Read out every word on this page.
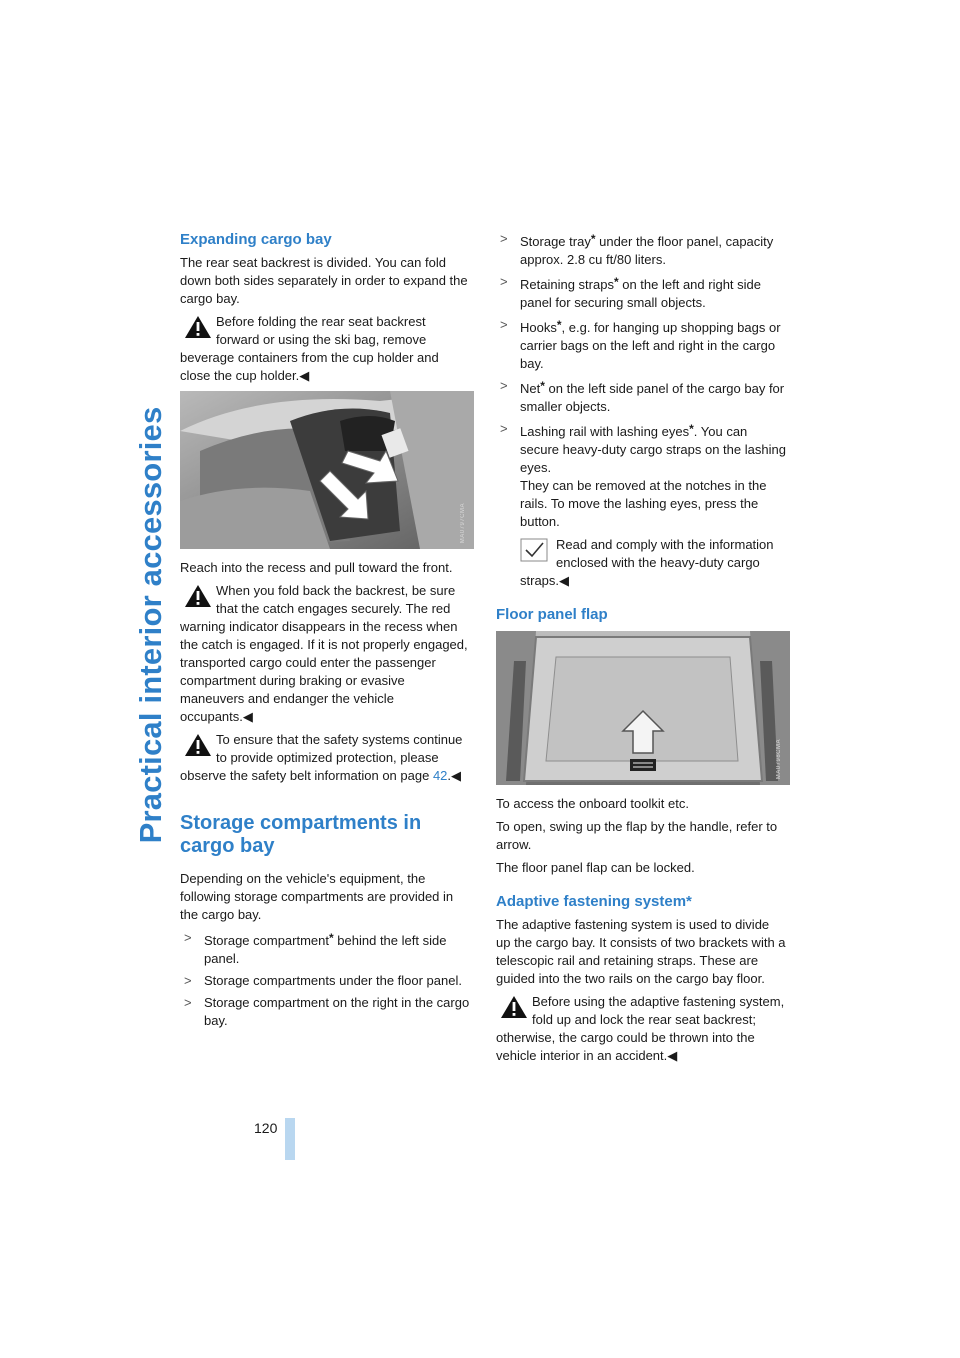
Practical interior accessories
120
Expanding cargo bay

The rear seat backrest is divided. You can fold down both sides separately in order to expand the cargo bay.

Before folding the rear seat backrest forward or using the ski bag, remove beverage containers from the cup holder and close the cup holder.◀
MA0797CMA

Reach into the recess and pull toward the front.

When you fold back the backrest, be sure that the catch engages securely. The red warning indicator disappears in the recess when the catch is engaged. If it is not properly engaged, transported cargo could enter the passenger compartment during braking or evasive maneuvers and endanger the vehicle occupants.◀
To ensure that the safety systems continue to provide optimized protection, please observe the safety belt information on page 42.◀
Storage compartments in cargo bay

Depending on the vehicle's equipment, the following storage compartments are provided in the cargo bay.

> Storage compartment* behind the left side panel.
> Storage compartments under the floor panel.
> Storage compartment on the right in the cargo bay.
> Storage tray* under the floor panel, capacity approx. 2.8 cu ft/80 liters.
> Retaining straps* on the left and right side panel for securing small objects.
> Hooks*, e.g. for hanging up shopping bags or carrier bags on the left and right in the cargo bay.
> Net* on the left side panel of the cargo bay for smaller objects.
> Lashing rail with lashing eyes*. You can secure heavy-duty cargo straps on the lashing eyes.
They can be removed at the notches in the rails. To move the lashing eyes, press the button.
Read and comply with the information enclosed with the heavy-duty cargo straps.◀
Floor panel flap
MA0798CMA

To access the onboard toolkit etc.

To open, swing up the flap by the handle, refer to arrow.

The floor panel flap can be locked.

Adaptive fastening system*

The adaptive fastening system is used to divide up the cargo bay. It consists of two brackets with a telescopic rail and retaining straps. These are guided into the two rails on the cargo bay floor.

Before using the adaptive fastening system, fold up and lock the rear seat backrest; otherwise, the cargo could be thrown into the vehicle interior in an accident.◀
